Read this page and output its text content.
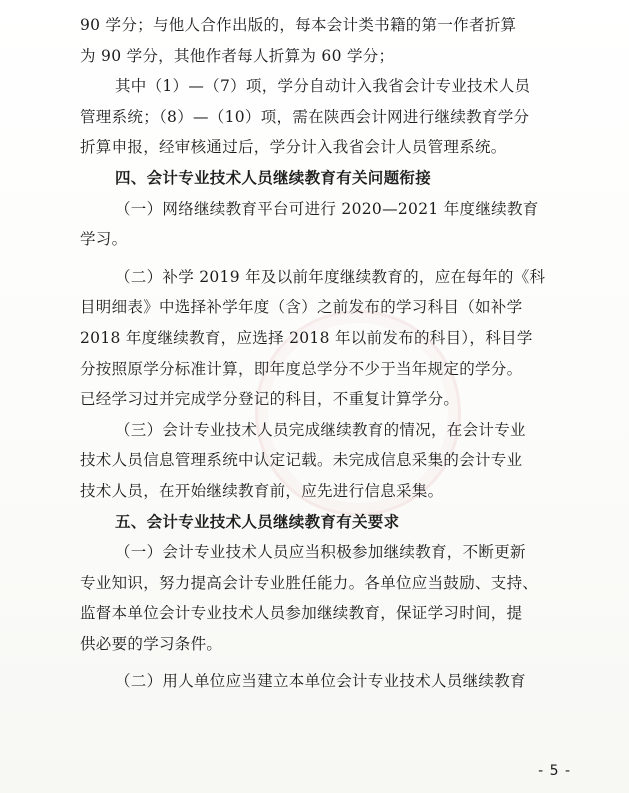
90 学分；与他人合作出版的，每本会计类书籍的第一作者折算
为 90 学分，其他作者每人折算为 60 学分；
其中（1）—（7）项，学分自动计入我省会计专业技术人员
管理系统；（8）—（10）项，需在陕西会计网进行继续教育学分
折算申报，经审核通过后，学分计入我省会计人员管理系统。
四、会计专业技术人员继续教育有关问题衔接
（一）网络继续教育平台可进行 2020—2021 年度继续教育
学习。
（二）补学 2019 年及以前年度继续教育的，应在每年的《科
目明细表》中选择补学年度（含）之前发布的学习科目（如补学
2018 年度继续教育，应选择 2018 年以前发布的科目），科目学
分按照原学分标准计算，即年度总学分不少于当年规定的学分。
已经学习过并完成学分登记的科目，不重复计算学分。
（三）会计专业技术人员完成继续教育的情况，在会计专业
技术人员信息管理系统中认定记载。未完成信息采集的会计专业
技术人员，在开始继续教育前，应先进行信息采集。
五、会计专业技术人员继续教育有关要求
（一）会计专业技术人员应当积极参加继续教育，不断更新
专业知识，努力提高会计专业胜任能力。各单位应当鼓励、支持、
监督本单位会计专业技术人员参加继续教育，保证学习时间，提
供必要的学习条件。
（二）用人单位应当建立本单位会计专业技术人员继续教育
- 5 -
